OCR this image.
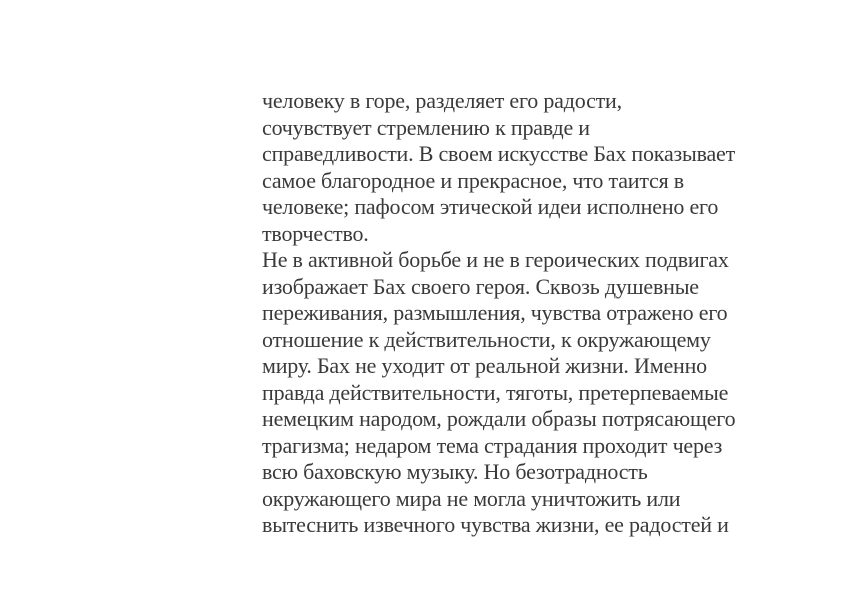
человеку в горе, разделяет его радости,
сочувствует стремлению к правде и
справедливости. В своем искусстве Бах показывает
самое благородное и прекрасное, что таится в
человеке; пафосом этической идеи исполнено его
творчество.
Не в активной борьбе и не в героических подвигах
изображает Бах своего героя. Сквозь душевные
переживания, размышления, чувства отражено его
отношение к действительности, к окружающему
миру. Бах не уходит от реальной жизни. Именно
правда действительности, тяготы, претерпеваемые
немецким народом, рождали образы потрясающего
трагизма; недаром тема страдания проходит через
всю баховскую музыку. Но безотрадность
окружающего мира не могла уничтожить или
вытеснить извечного чувства жизни, ее радостей и
